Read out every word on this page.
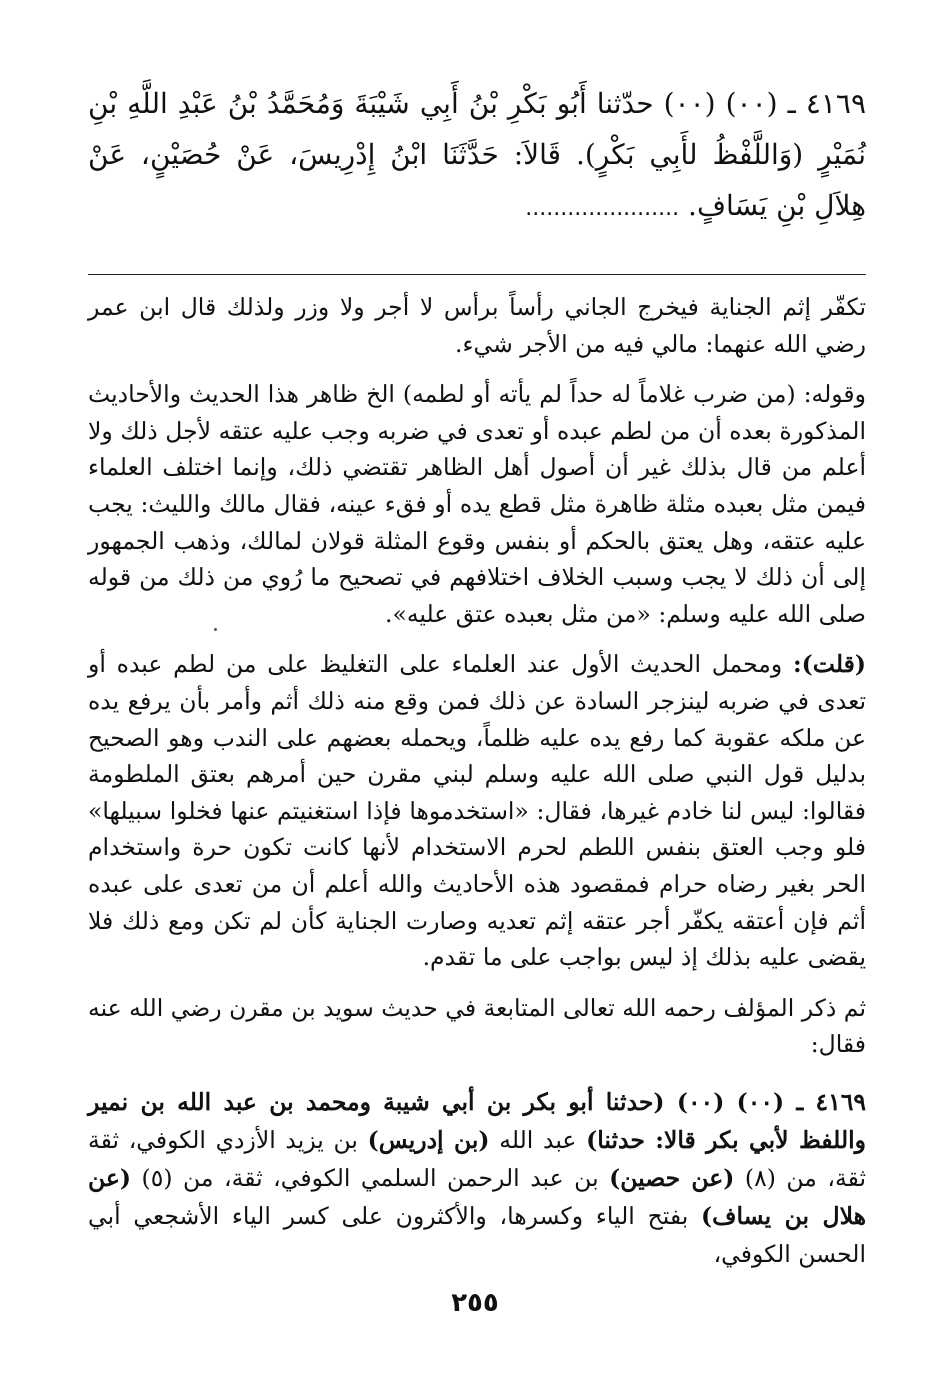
٤١٦٩ ـ (٠٠) (٠٠) حدّثنا أَبُو بَكْرِ بْنُ أَبِي شَيْبَةَ وَمُحَمَّدُ بْنُ عَبْدِ اللَّهِ بْنِ نُمَيْرٍ (وَاللَّفْظُ لأَبِي بَكْرٍ). قَالاَ: حَدَّثَنَا ابْنُ إِدْرِيسَ، عَنْ حُصَيْنٍ، عَنْ هِلاَلِ بْنِ يَسَافٍ. ......................

تكفّر إثم الجناية فيخرج الجاني رأساً برأس لا أجر ولا وزر ولذلك قال ابن عمر رضي الله عنهما: مالي فيه من الأجر شيء.

وقوله: (من ضرب غلاماً له حداً لم يأته أو لطمه) الخ ظاهر هذا الحديث والأحاديث المذكورة بعده أن من لطم عبده أو تعدى في ضربه وجب عليه عتقه لأجل ذلك ولا أعلم من قال بذلك غير أن أصول أهل الظاهر تقتضي ذلك، وإنما اختلف العلماء فيمن مثل بعبده مثلة ظاهرة مثل قطع يده أو فقء عينه، فقال مالك والليث: يجب عليه عتقه، وهل يعتق بالحكم أو بنفس وقوع المثلة قولان لمالك، وذهب الجمهور إلى أن ذلك لا يجب وسبب الخلاف اختلافهم في تصحيح ما رُوي من ذلك من قوله صلى الله عليه وسلم: «من مثل بعبده عتق عليه».

(قلت): ومحمل الحديث الأول عند العلماء على التغليظ على من لطم عبده أو تعدى في ضربه لينزجر السادة عن ذلك فمن وقع منه ذلك أثم وأمر بأن يرفع يده عن ملكه عقوبة كما رفع يده عليه ظلماً، ويحمله بعضهم على الندب وهو الصحيح بدليل قول النبي صلى الله عليه وسلم لبني مقرن حين أمرهم بعتق الملطومة فقالوا: ليس لنا خادم غيرها، فقال: «استخدموها فإذا استغنيتم عنها فخلوا سبيلها» فلو وجب العتق بنفس اللطم لحرم الاستخدام لأنها كانت تكون حرة واستخدام الحر بغير رضاه حرام فمقصود هذه الأحاديث والله أعلم أن من تعدى على عبده أثم فإن أعتقه يكفّر أجر عتقه إثم تعديه وصارت الجناية كأن لم تكن ومع ذلك فلا يقضى عليه بذلك إذ ليس بواجب على ما تقدم.

ثم ذكر المؤلف رحمه الله تعالى المتابعة في حديث سويد بن مقرن رضي الله عنه فقال:

٤١٦٩ ـ (٠٠) (٠٠) (حدثنا أبو بكر بن أبي شيبة ومحمد بن عبد الله بن نمير واللفظ لأبي بكر قالا: حدثنا) عبد الله (بن إدريس) بن يزيد الأزدي الكوفي، ثقة ثقة، من (٨) (عن حصين) بن عبد الرحمن السلمي الكوفي، ثقة، من (٥) (عن هلال بن يساف) بفتح الياء وكسرها، والأكثرون على كسر الياء الأشجعي أبي الحسن الكوفي،

٢٥٥
